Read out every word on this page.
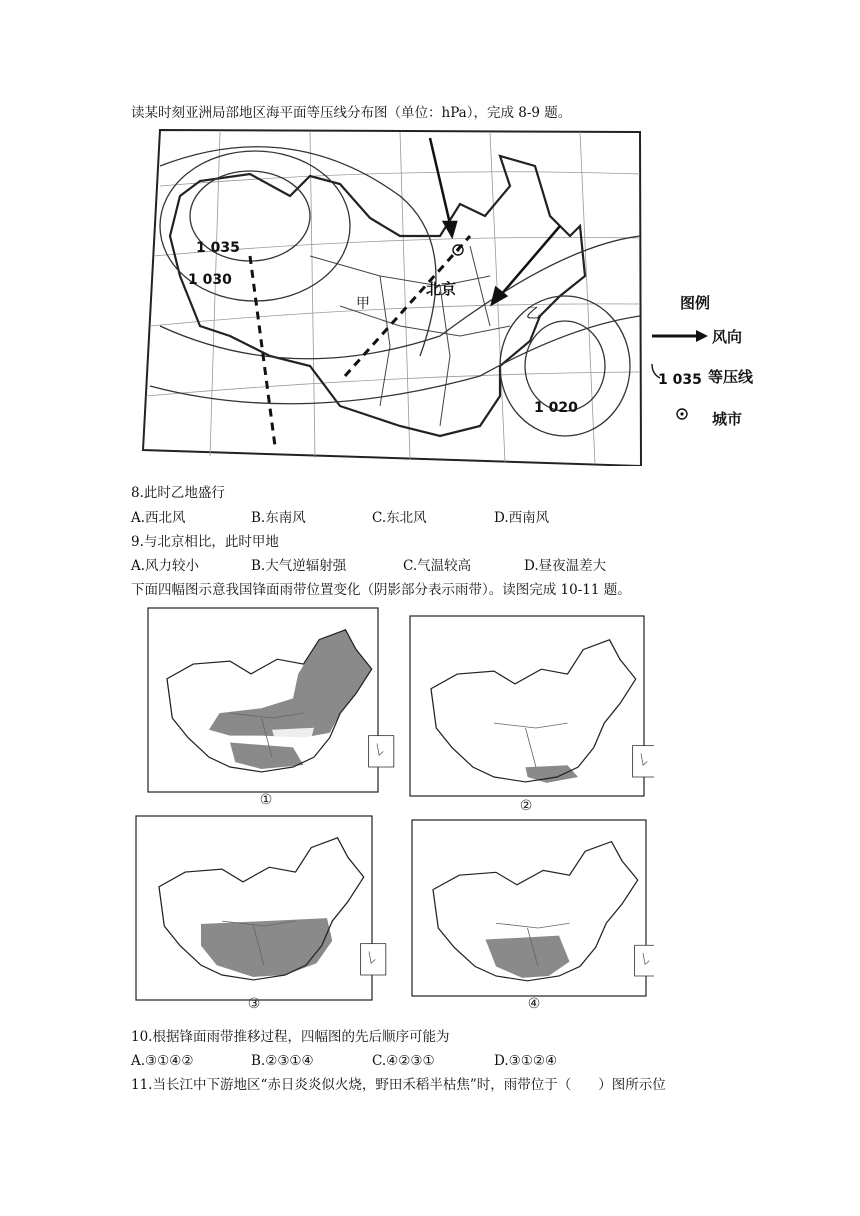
读某时刻亚洲局部地区海平面等压线分布图（单位：hPa），完成 8-9 题。
北京
甲
乙
1 035
1 030
1 020
图例
风向
1 035 等压线
城市
8.此时乙地盛行
A.西北风	B.东南风	C.东北风	D.西南风
9.与北京相比，此时甲地
A.风力较小	B.大气逆辐射强	C.气温较高	D.昼夜温差大
下面四幅图示意我国锋面雨带位置变化（阴影部分表示雨带）。读图完成 10-11 题。
①	②
③	④
10.根据锋面雨带推移过程，四幅图的先后顺序可能为
A.③①④②	B.②③①④	C.④②③①	D.③①②④
11.当长江中下游地区“赤日炎炎似火烧，野田禾稻半枯焦”时，雨带位于（　　）图所示位
